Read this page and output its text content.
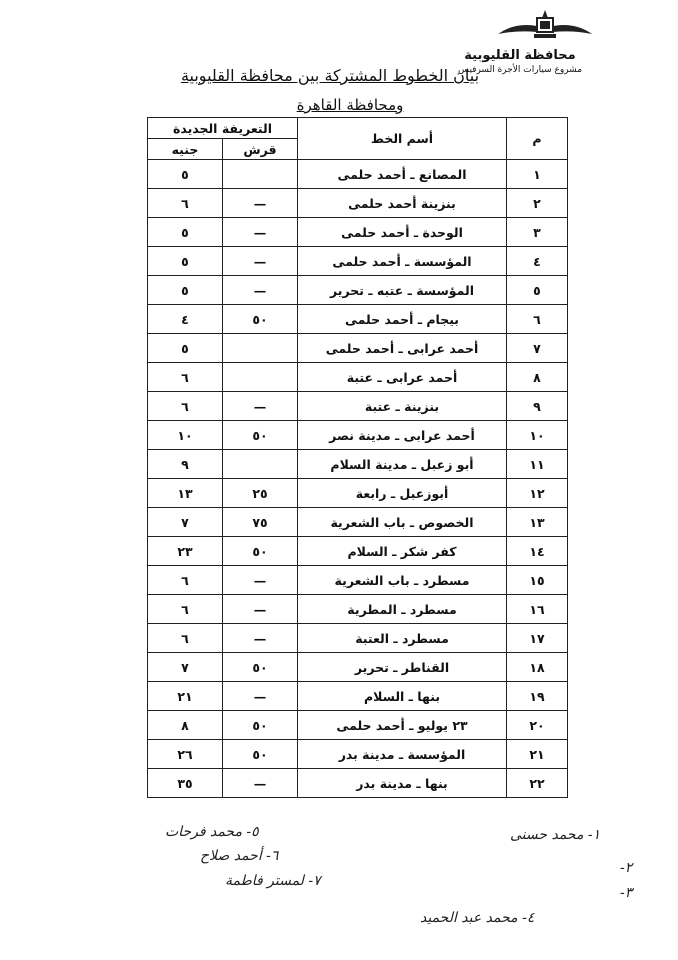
محافظة القليوبية
مشروع سيارات الأجرة السرفيس
بيان الخطوط المشتركة بين محافظة القليوبية
ومحافظة القاهرة
م	أسم الخط	التعريفة الجديدة	
		قرش	جنيه
١	المصانع ـ أحمد حلمى		٥
٢	بنزينة أحمد حلمى	—	٦
٣	الوحدة ـ أحمد حلمى	—	٥
٤	المؤسسة ـ أحمد حلمى	—	٥
٥	المؤسسة ـ عتبه ـ تحرير	—	٥
٦	بيجام ـ أحمد حلمى	٥٠	٤
٧	أحمد عرابى ـ أحمد حلمى		٥
٨	أحمد عرابى ـ عتبة		٦
٩	بنزينة ـ عتبة	—	٦
١٠	أحمد عرابى ـ مدينة نصر	٥٠	١٠
١١	أبو زعبل ـ مدينة السلام		٩
١٢	أبوزعبل ـ رابعة	٢٥	١٣
١٣	الخصوص ـ باب الشعرية	٧٥	٧
١٤	كفر شكر ـ السلام	٥٠	٢٣
١٥	مسطرد ـ باب الشعرية	—	٦
١٦	مسطرد ـ المطرية	—	٦
١٧	مسطرد ـ العتبة	—	٦
١٨	القناطر ـ تحرير	٥٠	٧
١٩	بنها ـ السلام	—	٢١
٢٠	٢٣ يوليو ـ أحمد حلمى	٥٠	٨
٢١	المؤسسة ـ مدينة بدر	٥٠	٢٦
٢٢	بنها ـ مدينة بدر	—	٣٥
٥- محمد فرحات
٦- أحمد صلاح
٧- لمستر فاطمة
١- محمد حسنى
٢-
٣-
٤- محمد عبد الحميد
